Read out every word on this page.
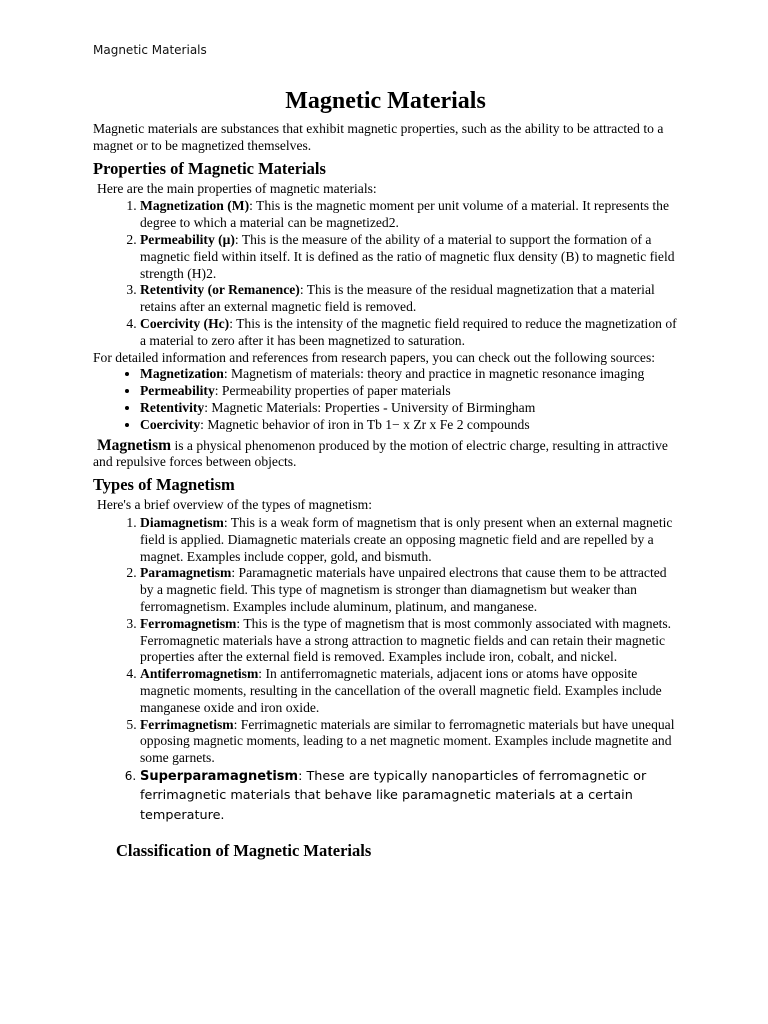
Magnetic Materials
Magnetic Materials

Magnetic materials are substances that exhibit magnetic properties, such as the ability to be attracted to a magnet or to be magnetized themselves.

Properties of Magnetic Materials

Here are the main properties of magnetic materials:

1. Magnetization (M): This is the magnetic moment per unit volume of a material. It represents the degree to which a material can be magnetized2.
2. Permeability (μ): This is the measure of the ability of a material to support the formation of a magnetic field within itself. It is defined as the ratio of magnetic flux density (B) to magnetic field strength (H)2.
3. Retentivity (or Remanence): This is the measure of the residual magnetization that a material retains after an external magnetic field is removed.
4. Coercivity (Hc): This is the intensity of the magnetic field required to reduce the magnetization of a material to zero after it has been magnetized to saturation.

For detailed information and references from research papers, you can check out the following sources:

• Magnetization: Magnetism of materials: theory and practice in magnetic resonance imaging
• Permeability: Permeability properties of paper materials
• Retentivity: Magnetic Materials: Properties - University of Birmingham
• Coercivity: Magnetic behavior of iron in Tb 1− x Zr x Fe 2 compounds

Magnetism is a physical phenomenon produced by the motion of electric charge, resulting in attractive and repulsive forces between objects.

Types of Magnetism

Here's a brief overview of the types of magnetism:

1. Diamagnetism: This is a weak form of magnetism that is only present when an external magnetic field is applied. Diamagnetic materials create an opposing magnetic field and are repelled by a magnet. Examples include copper, gold, and bismuth.
2. Paramagnetism: Paramagnetic materials have unpaired electrons that cause them to be attracted by a magnetic field. This type of magnetism is stronger than diamagnetism but weaker than ferromagnetism. Examples include aluminum, platinum, and manganese.
3. Ferromagnetism: This is the type of magnetism that is most commonly associated with magnets. Ferromagnetic materials have a strong attraction to magnetic fields and can retain their magnetic properties after the external field is removed. Examples include iron, cobalt, and nickel.
4. Antiferromagnetism: In antiferromagnetic materials, adjacent ions or atoms have opposite magnetic moments, resulting in the cancellation of the overall magnetic field. Examples include manganese oxide and iron oxide.
5. Ferrimagnetism: Ferrimagnetic materials are similar to ferromagnetic materials but have unequal opposing magnetic moments, leading to a net magnetic moment. Examples include magnetite and some garnets.
6. Superparamagnetism: These are typically nanoparticles of ferromagnetic or ferrimagnetic materials that behave like paramagnetic materials at a certain temperature.
Classification of Magnetic Materials
